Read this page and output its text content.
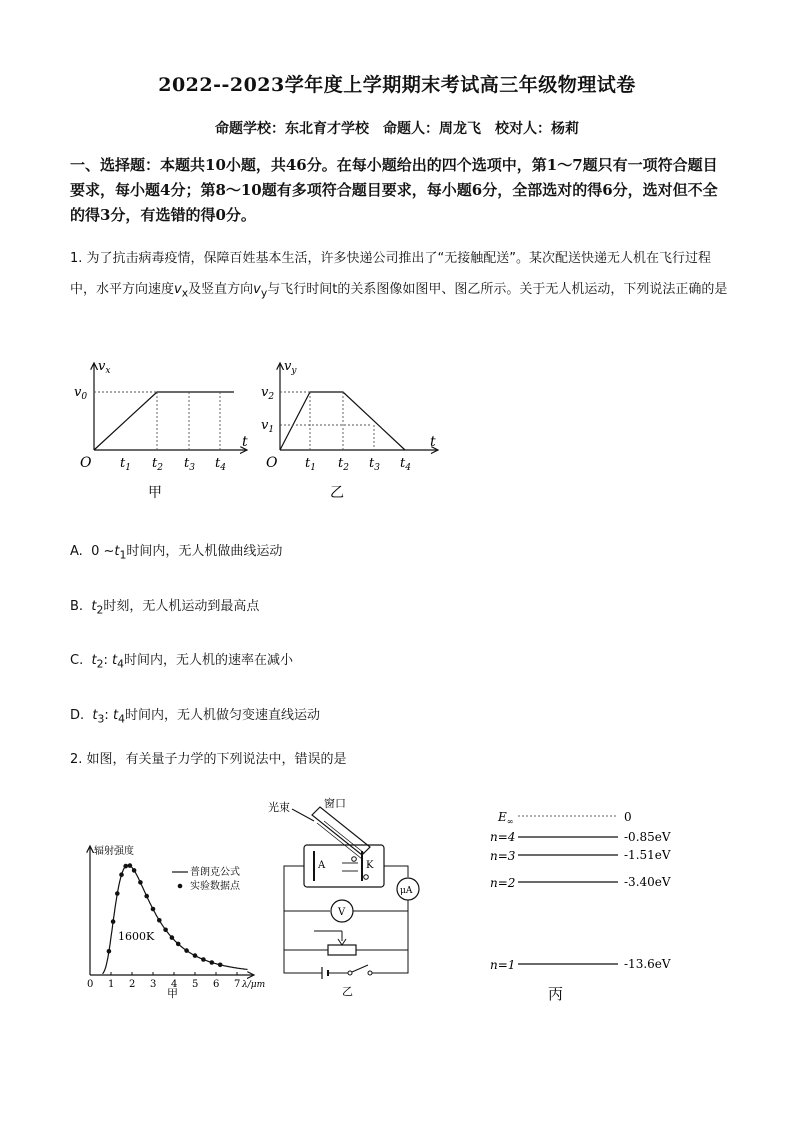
2022--2023学年度上学期期末考试高三年级物理试卷
命题学校：东北育才学校　命题人：周龙飞　校对人：杨莉
一、选择题：本题共10小题，共46分。在每小题给出的四个选项中，第1～7题只有一项符合题目要求，每小题4分；第8～10题有多项符合题目要求，每小题6分，全部选对的得6分，选对但不全的得3分，有选错的得0分。
1. 为了抗击病毒疫情，保障百姓基本生活，许多快递公司推出了“无接触配送”。某次配送快递无人机在飞行过程中，水平方向速度$v_x$及竖直方向$v_y$与飞行时间t的关系图像如图甲、图乙所示。关于无人机运动，下列说法正确的是
$v_x$
$v_0$
t
O $t_1$ $t_2$ $t_3$ $t_4$
甲
$v_y$
$v_2$
$v_1$
t
O $t_1$ $t_2$ $t_3$ $t_4$
乙
A. 0 $\sim t_1$时间内，无人机做曲线运动
B. $t_2$时刻，无人机运动到最高点
C. $t_2$: $t_4$时间内，无人机的速率在减小
D. $t_3$: $t_4$时间内，无人机做匀变速直线运动
2. 如图，有关量子力学的下列说法中，错误的是
辐射强度
普朗克公式
实验数据点
1600K
0 1 2 3 4 5 6 7 λ/μm
甲
光束	窗口
A	K
μA
V
乙
$E_\infty$	0
n=4	-0.85eV
n=3	-1.51eV
n=2	-3.40eV
n=1	-13.6eV
丙
